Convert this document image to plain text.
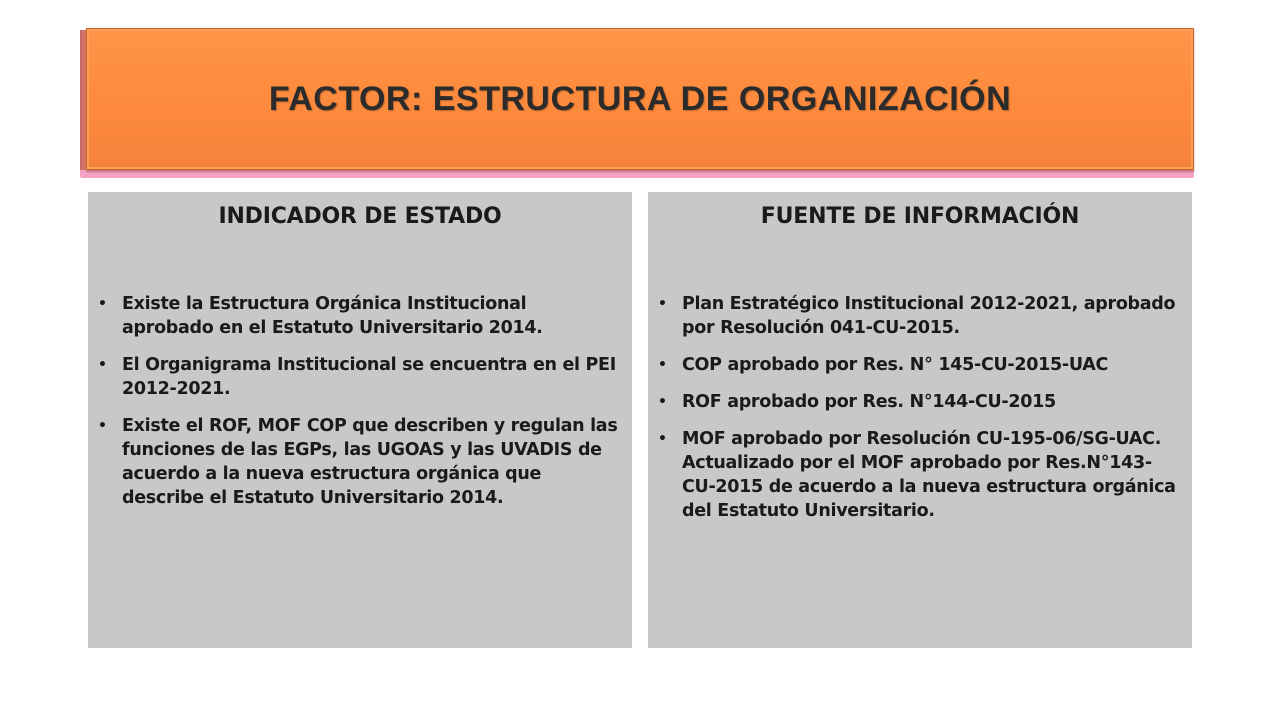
FACTOR: ESTRUCTURA DE ORGANIZACIÓN
INDICADOR DE ESTADO
• Existe la Estructura Orgánica Institucional aprobado en el Estatuto Universitario 2014.
• El Organigrama Institucional se encuentra en el PEI 2012-2021.
• Existe el ROF, MOF COP que describen y regulan las funciones de las EGPs, las UGOAS y las UVADIS de acuerdo a la nueva estructura orgánica que describe el Estatuto Universitario 2014.
FUENTE DE INFORMACIÓN
• Plan Estratégico Institucional 2012-2021, aprobado por Resolución 041-CU-2015.
• COP aprobado por Res. N° 145-CU-2015-UAC
• ROF aprobado por Res. N°144-CU-2015
• MOF aprobado por Resolución CU-195-06/SG-UAC. Actualizado por el MOF aprobado por Res.N°143-CU-2015 de acuerdo a la nueva estructura orgánica del Estatuto Universitario.
